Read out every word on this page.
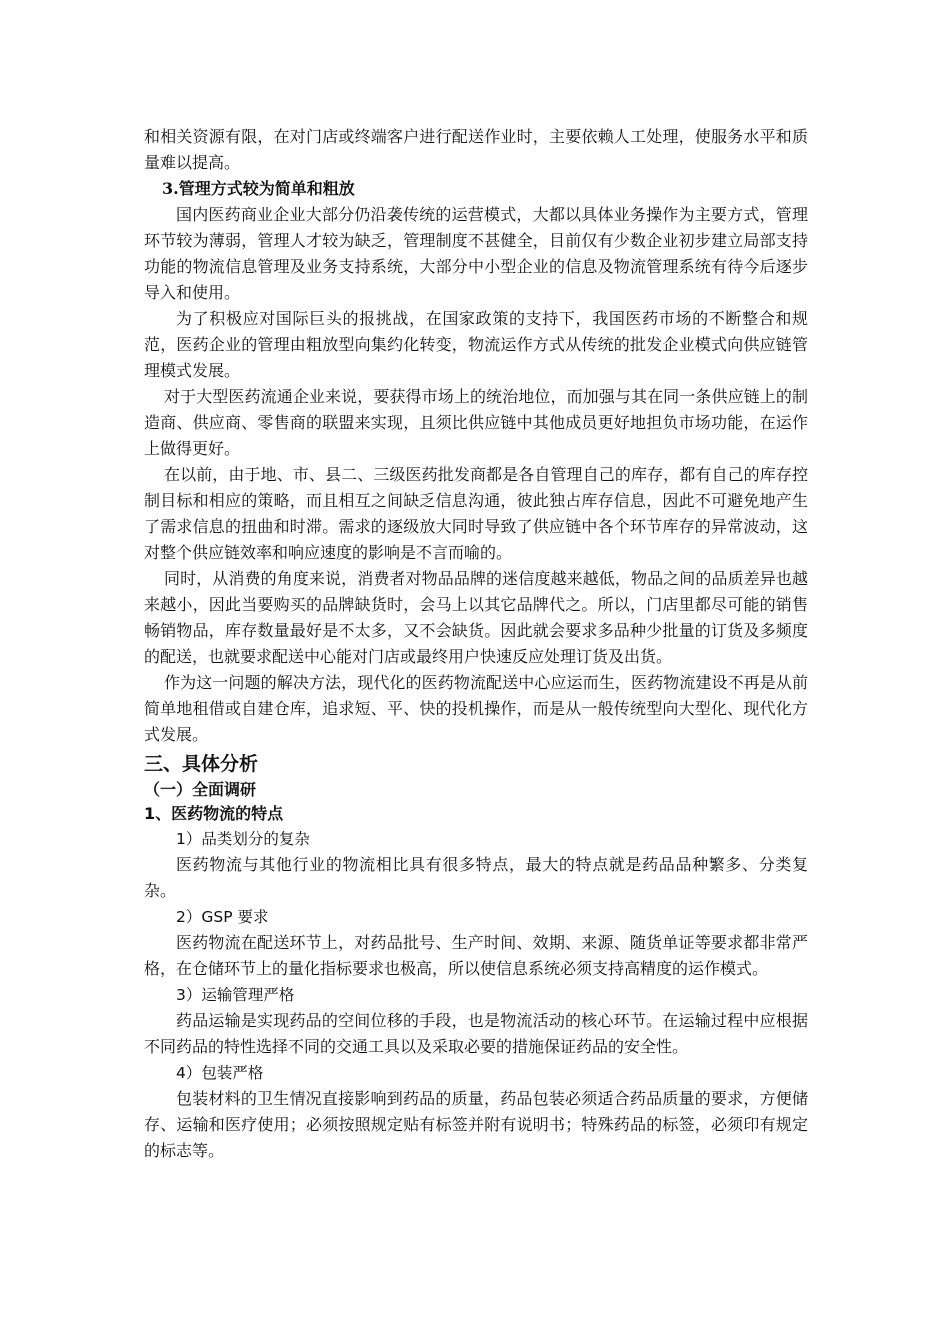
和相关资源有限，在对门店或终端客户进行配送作业时，主要依赖人工处理，使服务水平和质量难以提高。

3.管理方式较为简单和粗放

国内医药商业企业大部分仍沿袭传统的运营模式，大都以具体业务操作为主要方式，管理环节较为薄弱，管理人才较为缺乏，管理制度不甚健全，目前仅有少数企业初步建立局部支持功能的物流信息管理及业务支持系统，大部分中小型企业的信息及物流管理系统有待今后逐步导入和使用。

为了积极应对国际巨头的报挑战，在国家政策的支持下，我国医药市场的不断整合和规范，医药企业的管理由粗放型向集约化转变，物流运作方式从传统的批发企业模式向供应链管理模式发展。

对于大型医药流通企业来说，要获得市场上的统治地位，而加强与其在同一条供应链上的制造商、供应商、零售商的联盟来实现，且须比供应链中其他成员更好地担负市场功能，在运作上做得更好。

在以前，由于地、市、县二、三级医药批发商都是各自管理自己的库存，都有自己的库存控制目标和相应的策略，而且相互之间缺乏信息沟通，彼此独占库存信息，因此不可避免地产生了需求信息的扭曲和时滞。需求的逐级放大同时导致了供应链中各个环节库存的异常波动，这对整个供应链效率和响应速度的影响是不言而喻的。

同时，从消费的角度来说，消费者对物品品牌的迷信度越来越低，物品之间的品质差异也越来越小，因此当要购买的品牌缺货时，会马上以其它品牌代之。所以，门店里都尽可能的销售畅销物品，库存数量最好是不太多，又不会缺货。因此就会要求多品种少批量的订货及多频度的配送，也就要求配送中心能对门店或最终用户快速反应处理订货及出货。

作为这一问题的解决方法，现代化的医药物流配送中心应运而生，医药物流建设不再是从前简单地租借或自建仓库，追求短、平、快的投机操作，而是从一般传统型向大型化、现代化方式发展。

三、具体分析

（一）全面调研

1、医药物流的特点

1）品类划分的复杂

医药物流与其他行业的物流相比具有很多特点，最大的特点就是药品品种繁多、分类复杂。

2）GSP 要求

医药物流在配送环节上，对药品批号、生产时间、效期、来源、随货单证等要求都非常严格，在仓储环节上的量化指标要求也极高，所以使信息系统必须支持高精度的运作模式。

3）运输管理严格

药品运输是实现药品的空间位移的手段，也是物流活动的核心环节。在运输过程中应根据不同药品的特性选择不同的交通工具以及采取必要的措施保证药品的安全性。

4）包装严格

包装材料的卫生情况直接影响到药品的质量，药品包装必须适合药品质量的要求，方便储存、运输和医疗使用；必须按照规定贴有标签并附有说明书；特殊药品的标签，必须印有规定的标志等。
